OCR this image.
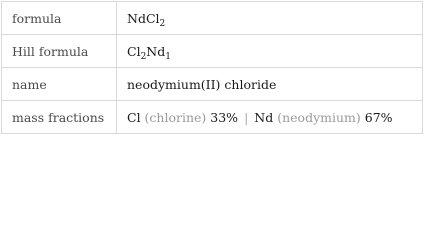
formula	NdCl$_2$
Hill formula	$Cl_2Nd_1$
name	neodymium(II) chloride
mass fractions	Cl (chlorine) 33% | Nd (neodymium) 67%
